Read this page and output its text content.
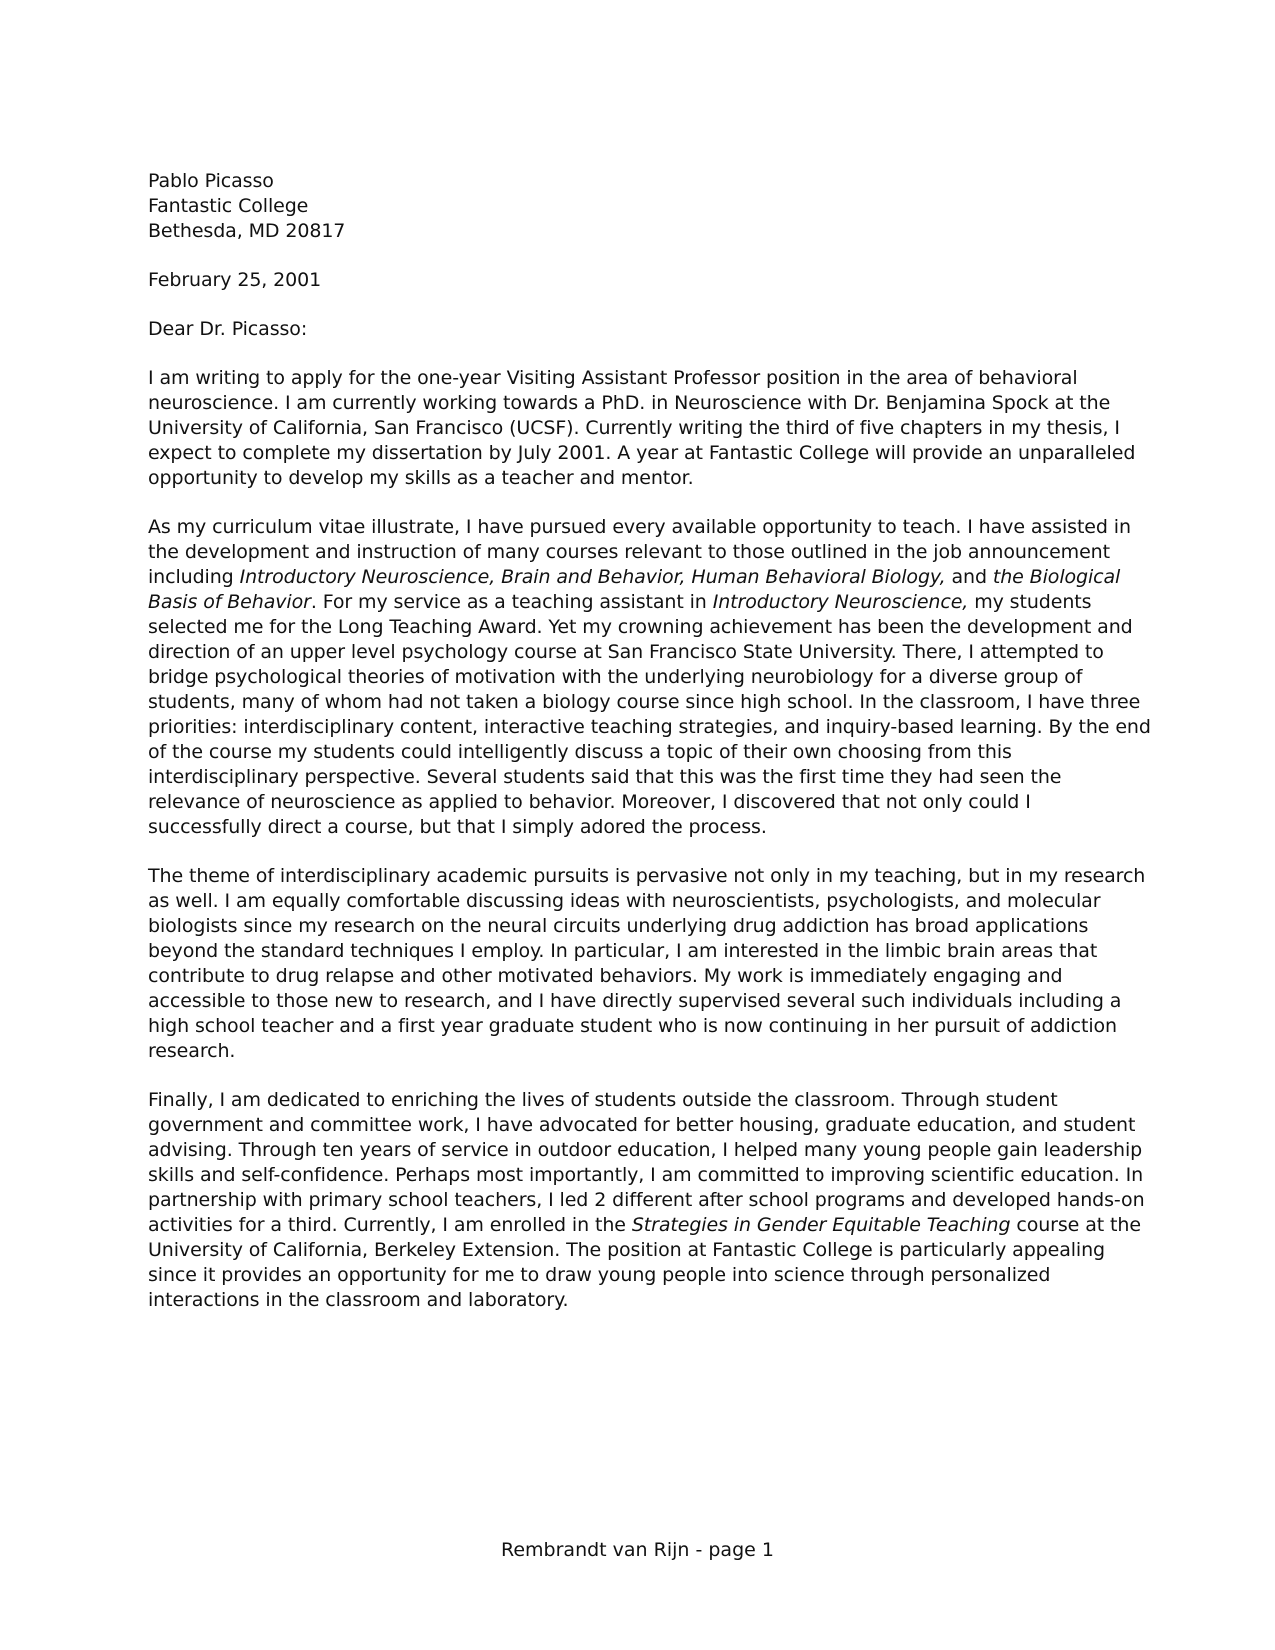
Pablo Picasso
Fantastic College
Bethesda, MD 20817
February 25, 2001
Dear Dr. Picasso:
I am writing to apply for the one-year Visiting Assistant Professor position in the area of behavioral
neuroscience. I am currently working towards a PhD. in Neuroscience with Dr. Benjamina Spock at the
University of California, San Francisco (UCSF). Currently writing the third of five chapters in my thesis, I
expect to complete my dissertation by July 2001. A year at Fantastic College will provide an unparalleled
opportunity to develop my skills as a teacher and mentor.
As my curriculum vitae illustrate, I have pursued every available opportunity to teach. I have assisted in
the development and instruction of many courses relevant to those outlined in the job announcement
including Introductory Neuroscience, Brain and Behavior, Human Behavioral Biology, and the Biological
Basis of Behavior. For my service as a teaching assistant in Introductory Neuroscience, my students
selected me for the Long Teaching Award. Yet my crowning achievement has been the development and
direction of an upper level psychology course at San Francisco State University. There, I attempted to
bridge psychological theories of motivation with the underlying neurobiology for a diverse group of
students, many of whom had not taken a biology course since high school. In the classroom, I have three
priorities: interdisciplinary content, interactive teaching strategies, and inquiry-based learning. By the end
of the course my students could intelligently discuss a topic of their own choosing from this
interdisciplinary perspective. Several students said that this was the first time they had seen the
relevance of neuroscience as applied to behavior. Moreover, I discovered that not only could I
successfully direct a course, but that I simply adored the process.
The theme of interdisciplinary academic pursuits is pervasive not only in my teaching, but in my research
as well. I am equally comfortable discussing ideas with neuroscientists, psychologists, and molecular
biologists since my research on the neural circuits underlying drug addiction has broad applications
beyond the standard techniques I employ. In particular, I am interested in the limbic brain areas that
contribute to drug relapse and other motivated behaviors. My work is immediately engaging and
accessible to those new to research, and I have directly supervised several such individuals including a
high school teacher and a first year graduate student who is now continuing in her pursuit of addiction
research.
Finally, I am dedicated to enriching the lives of students outside the classroom. Through student
government and committee work, I have advocated for better housing, graduate education, and student
advising. Through ten years of service in outdoor education, I helped many young people gain leadership
skills and self-confidence. Perhaps most importantly, I am committed to improving scientific education. In
partnership with primary school teachers, I led 2 different after school programs and developed hands-on
activities for a third. Currently, I am enrolled in the Strategies in Gender Equitable Teaching course at the
University of California, Berkeley Extension. The position at Fantastic College is particularly appealing
since it provides an opportunity for me to draw young people into science through personalized
interactions in the classroom and laboratory.
Rembrandt van Rijn - page 1
